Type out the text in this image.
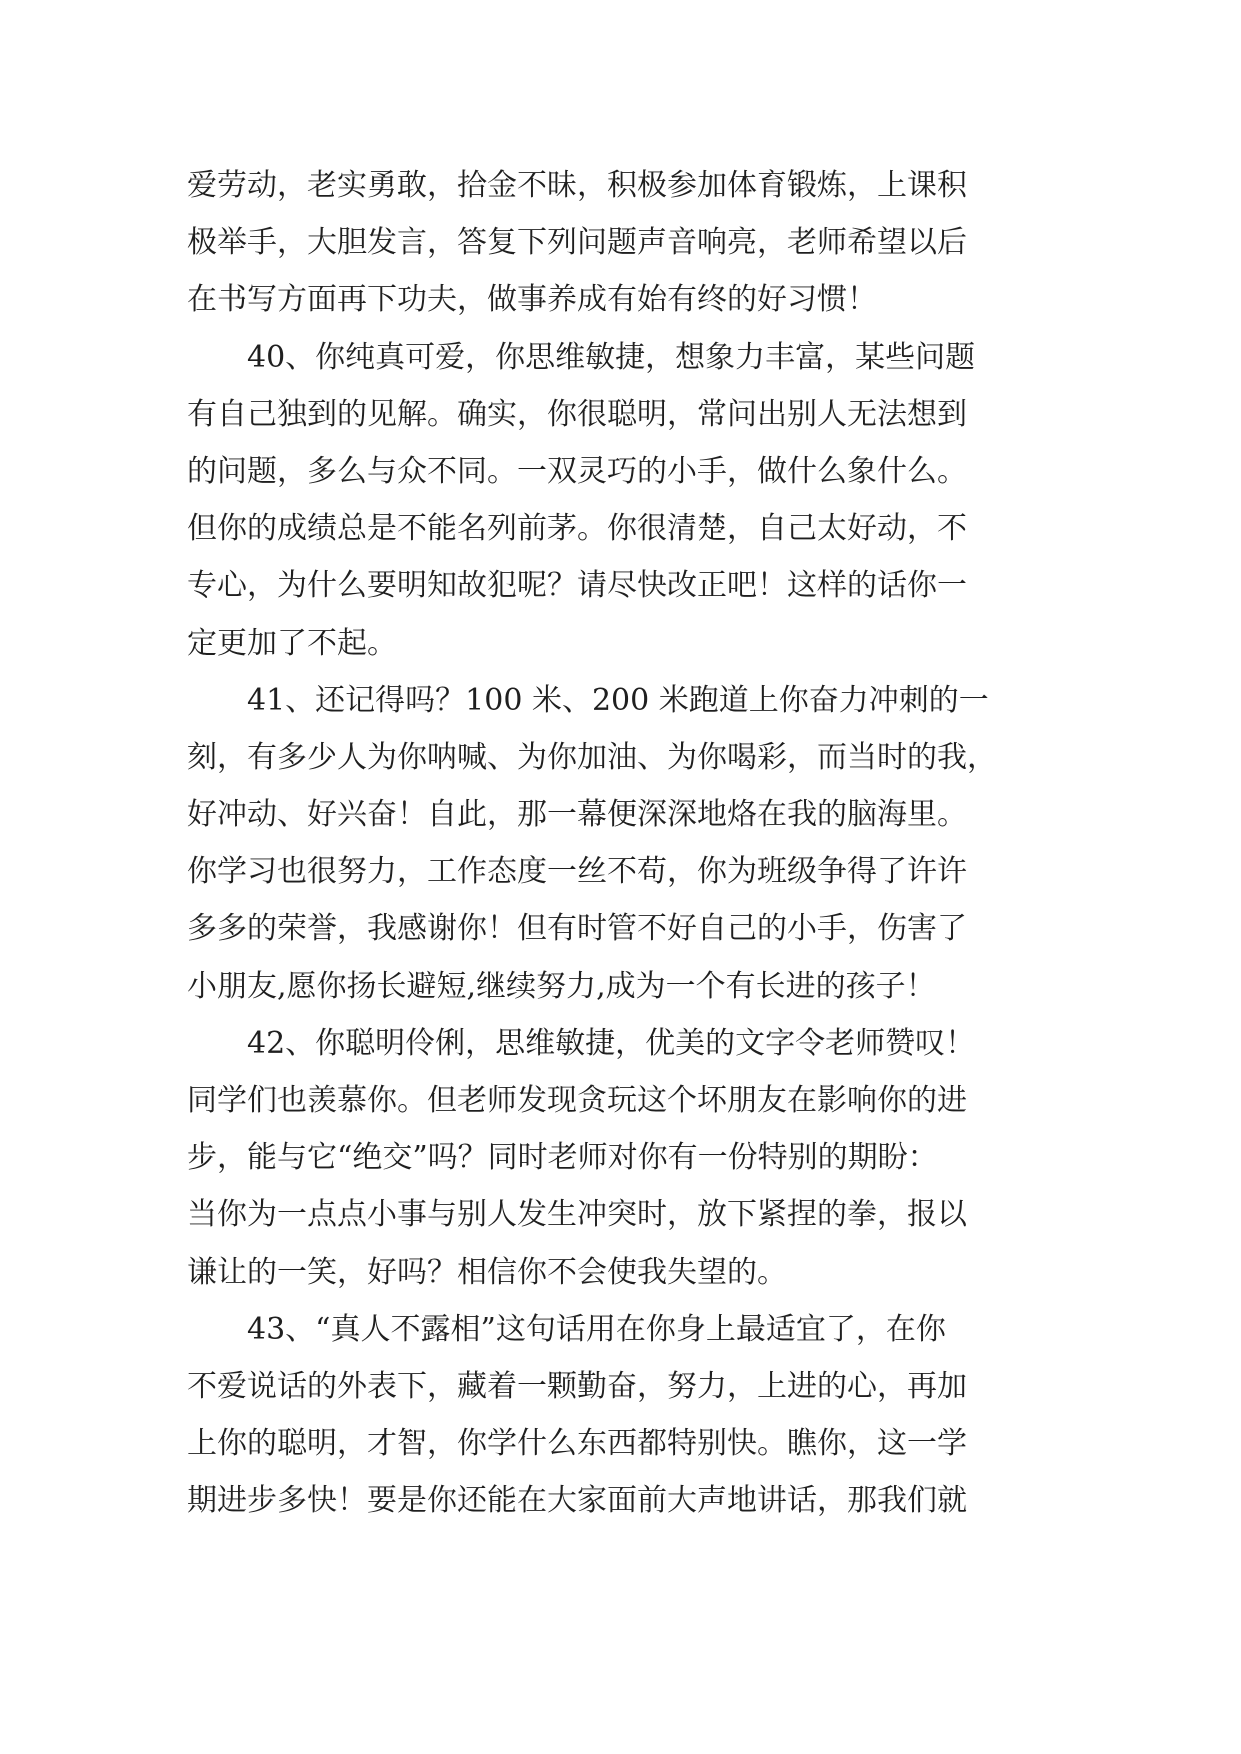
爱劳动，老实勇敢，拾金不昧，积极参加体育锻炼，上课积
极举手，大胆发言，答复下列问题声音响亮，老师希望以后
在书写方面再下功夫，做事养成有始有终的好习惯！
　　40、你纯真可爱，你思维敏捷，想象力丰富，某些问题
有自己独到的见解。确实，你很聪明，常问出别人无法想到
的问题，多么与众不同。一双灵巧的小手，做什么象什么。
但你的成绩总是不能名列前茅。你很清楚，自己太好动，不
专心，为什么要明知故犯呢？请尽快改正吧！这样的话你一
定更加了不起。
　　41、还记得吗？100 米、200 米跑道上你奋力冲刺的一
刻，有多少人为你呐喊、为你加油、为你喝彩，而当时的我，
好冲动、好兴奋！自此，那一幕便深深地烙在我的脑海里。
你学习也很努力，工作态度一丝不苟，你为班级争得了许许
多多的荣誉，我感谢你！但有时管不好自己的小手，伤害了
小朋友,愿你扬长避短,继续努力,成为一个有长进的孩子！
　　42、你聪明伶俐，思维敏捷，优美的文字令老师赞叹！
同学们也羡慕你。但老师发现贪玩这个坏朋友在影响你的进
步，能与它“绝交”吗？同时老师对你有一份特别的期盼：
当你为一点点小事与别人发生冲突时，放下紧捏的拳，报以
谦让的一笑，好吗？相信你不会使我失望的。
　　43、“真人不露相”这句话用在你身上最适宜了，在你
不爱说话的外表下，藏着一颗勤奋，努力，上进的心，再加
上你的聪明，才智，你学什么东西都特别快。瞧你，这一学
期进步多快！要是你还能在大家面前大声地讲话，那我们就
